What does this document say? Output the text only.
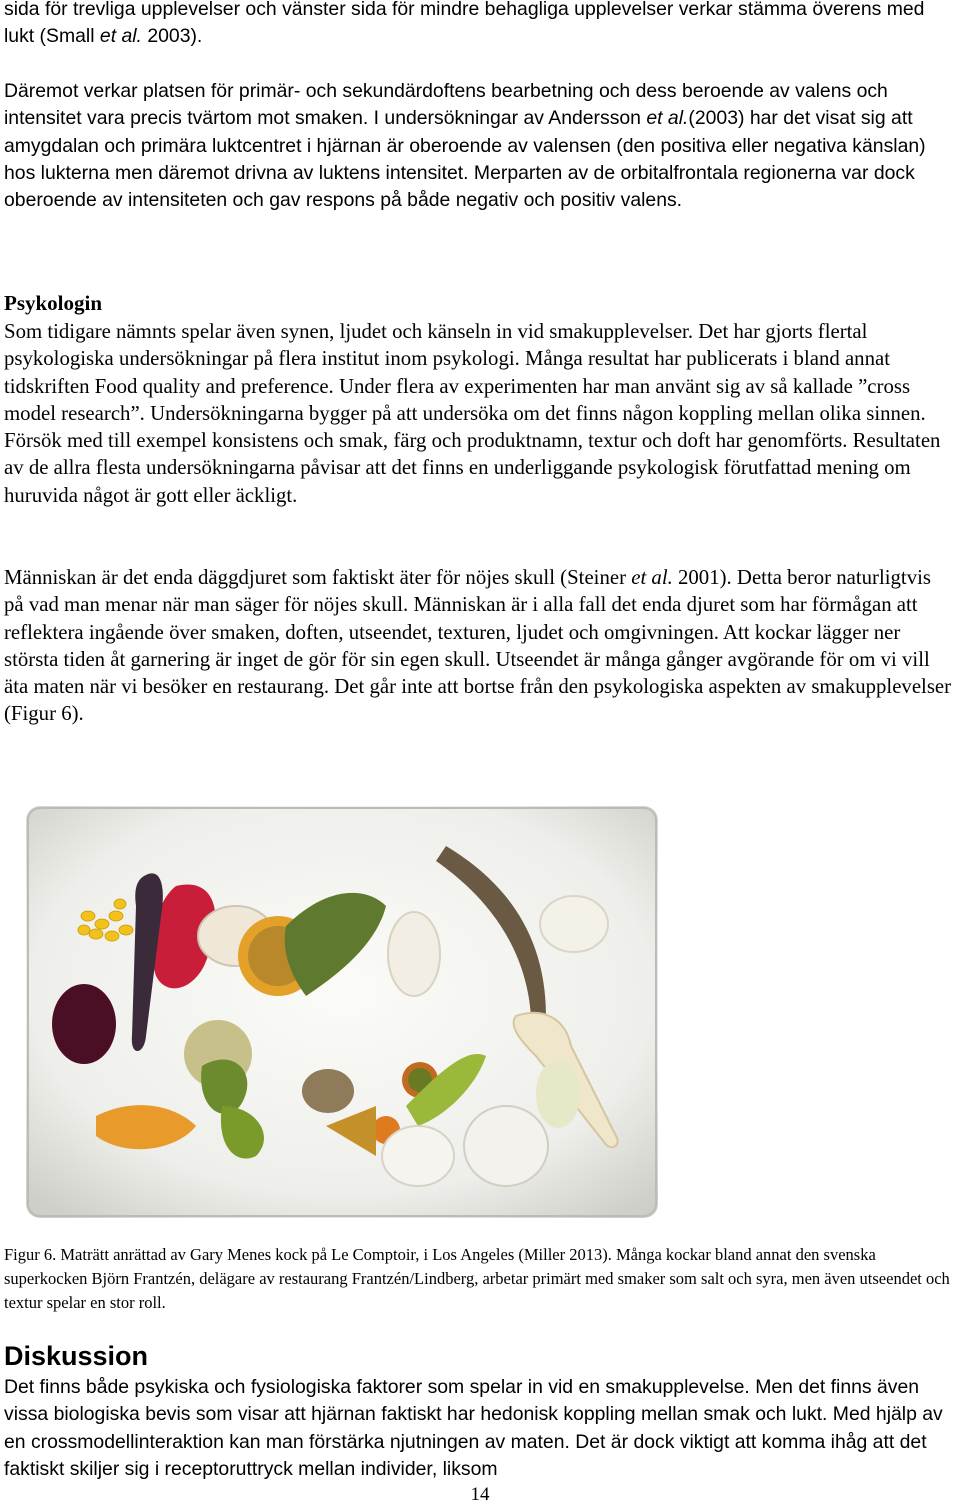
sida för trevliga upplevelser och vänster sida för mindre behagliga upplevelser verkar stämma överens med lukt (Small et al. 2003).

Däremot verkar platsen för primär- och sekundärdoftens bearbetning och dess beroende av valens och intensitet vara precis tvärtom mot smaken. I undersökningar av Andersson et al.(2003) har det visat sig att amygdalan och primära luktcentret i hjärnan är oberoende av valensen (den positiva eller negativa känslan) hos lukterna men däremot drivna av luktens intensitet. Merparten av de orbitalfrontala regionerna var dock oberoende av intensiteten och gav respons på både negativ och positiv valens.

Psykologin

Som tidigare nämnts spelar även synen, ljudet och känseln in vid smakupplevelser. Det har gjorts flertal psykologiska undersökningar på flera institut inom psykologi. Många resultat har publicerats i bland annat tidskriften Food quality and preference. Under flera av experimenten har man använt sig av så kallade ”cross model research”. Undersökningarna bygger på att undersöka om det finns någon koppling mellan olika sinnen. Försök med till exempel konsistens och smak, färg och produktnamn, textur och doft har genomförts. Resultaten av de allra flesta undersökningarna påvisar att det finns en underliggande psykologisk förutfattad mening om huruvida något är gott eller äckligt.

Människan är det enda däggdjuret som faktiskt äter för nöjes skull (Steiner et al. 2001). Detta beror naturligtvis på vad man menar när man säger för nöjes skull. Människan är i alla fall det enda djuret som har förmågan att reflektera ingående över smaken, doften, utseendet, texturen, ljudet och omgivningen. Att kockar lägger ner största tiden åt garnering är inget de gör för sin egen skull. Utseendet är många gånger avgörande för om vi vill äta maten när vi besöker en restaurang. Det går inte att bortse från den psykologiska aspekten av smakupplevelser (Figur 6).

Figur 6. Maträtt anrättad av Gary Menes kock på Le Comptoir, i Los Angeles (Miller 2013). Många kockar bland annat den svenska superkocken Björn Frantzén, delägare av restaurang Frantzén/Lindberg, arbetar primärt med smaker som salt och syra, men även utseendet och textur spelar en stor roll.

Diskussion

Det finns både psykiska och fysiologiska faktorer som spelar in vid en smakupplevelse. Men det finns även vissa biologiska bevis som visar att hjärnan faktiskt har hedonisk koppling mellan smak och lukt. Med hjälp av en crossmodellinteraktion kan man förstärka njutningen av maten. Det är dock viktigt att komma ihåg att det faktiskt skiljer sig i receptoruttryck mellan individer, liksom

14
